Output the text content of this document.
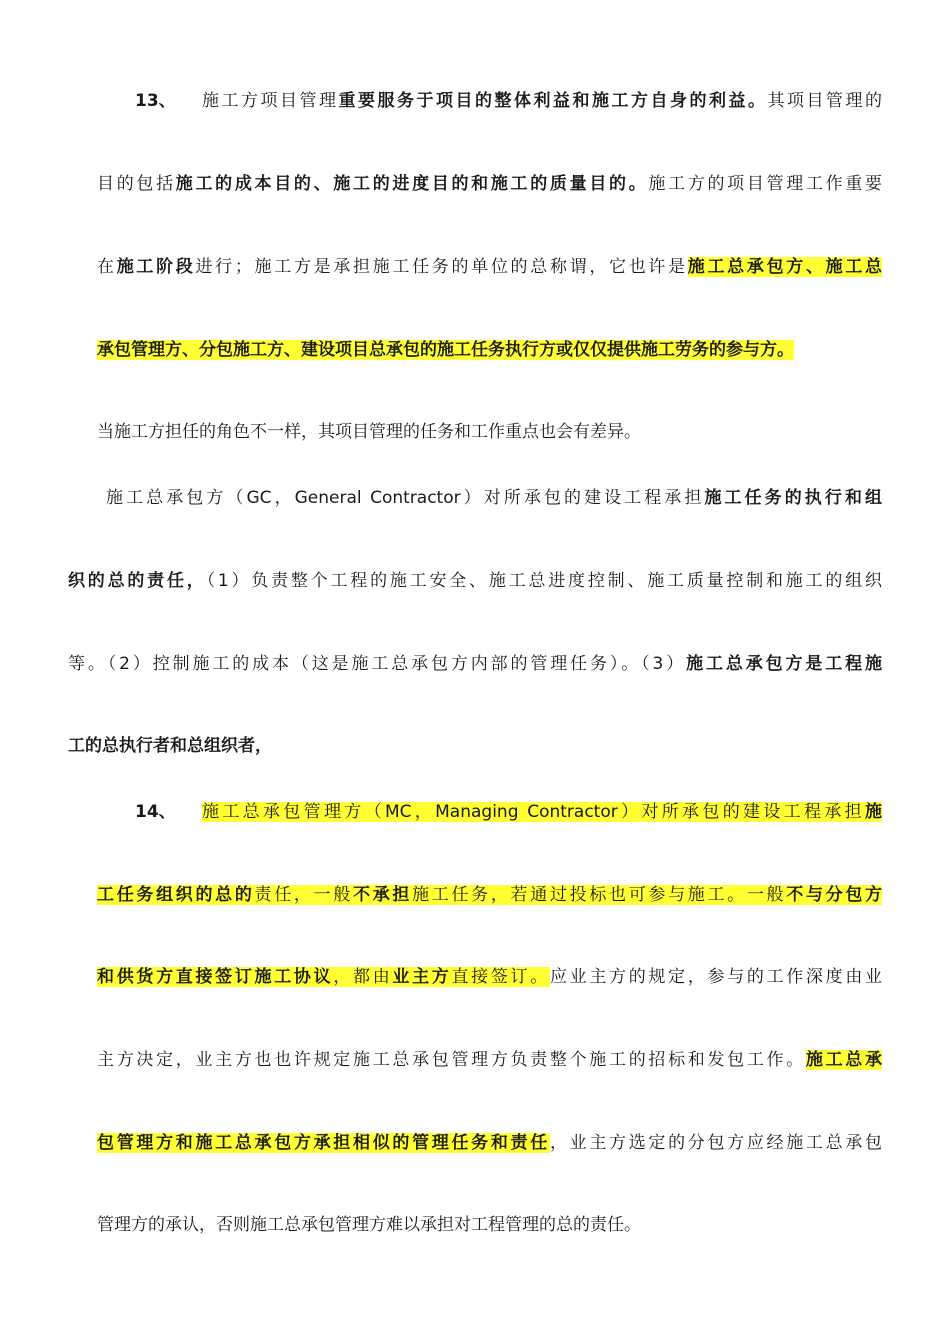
13、 施工方项目管理重要服务于项目的整体利益和施工方自身的利益。其项目管理的
目的包括施工的成本目的、施工的进度目的和施工的质量目的。施工方的项目管理工作重要
在施工阶段进行；施工方是承担施工任务的单位的总称谓，它也许是施工总承包方、施工总
承包管理方、分包施工方、建设项目总承包的施工任务执行方或仅仅提供施工劳务的参与方。
当施工方担任的角色不一样，其项目管理的任务和工作重点也会有差异。
施工总承包方（GC，General Contractor）对所承包的建设工程承担施工任务的执行和组
织的总的责任，（1）负责整个工程的施工安全、施工总进度控制、施工质量控制和施工的组织
等。（2）控制施工的成本（这是施工总承包方内部的管理任务）。（3）施工总承包方是工程施
工的总执行者和总组织者，
14、 施工总承包管理方（MC，Managing Contractor）对所承包的建设工程承担施
工任务组织的总的责任，一般不承担施工任务，若通过投标也可参与施工。一般不与分包方
和供货方直接签订施工协议，都由业主方直接签订。应业主方的规定，参与的工作深度由业
主方决定，业主方也也许规定施工总承包管理方负责整个施工的招标和发包工作。施工总承
包管理方和施工总承包方承担相似的管理任务和责任，业主方选定的分包方应经施工总承包
管理方的承认，否则施工总承包管理方难以承担对工程管理的总的责任。
